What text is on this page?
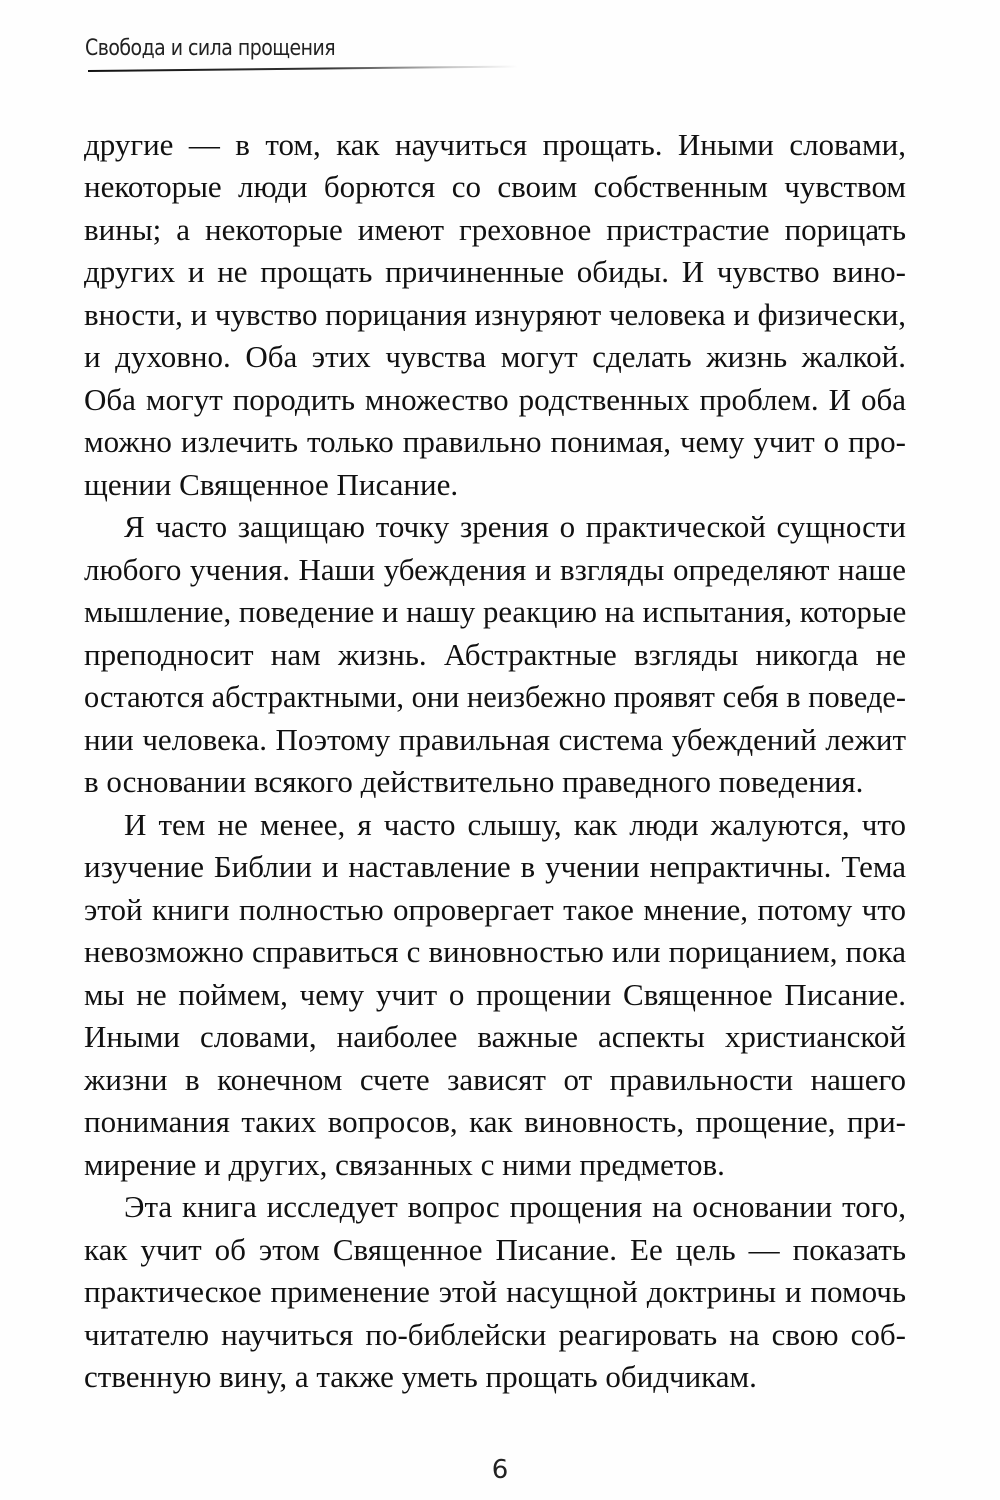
Свобода и сила прощения
другие — в том, как научиться прощать. Иными словами,
некоторые люди борются со своим собственным чувством
вины; а некоторые имеют греховное пристрастие порицать
других и не прощать причиненные обиды. И чувство вино-
вности, и чувство порицания изнуряют человека и физически,
и духовно. Оба этих чувства могут сделать жизнь жалкой.
Оба могут породить множество родственных проблем. И оба
можно излечить только правильно понимая, чему учит о про-
щении Священное Писание.
Я часто защищаю точку зрения о практической сущности
любого учения. Наши убеждения и взгляды определяют наше
мышление, поведение и нашу реакцию на испытания, которые
преподносит нам жизнь. Абстрактные взгляды никогда не
остаются абстрактными, они неизбежно проявят себя в поведе-
нии человека. Поэтому правильная система убеждений лежит
в основании всякого действительно праведного поведения.
И тем не менее, я часто слышу, как люди жалуются, что
изучение Библии и наставление в учении непрактичны. Тема
этой книги полностью опровергает такое мнение, потому что
невозможно справиться с виновностью или порицанием, пока
мы не поймем, чему учит о прощении Священное Писание.
Иными словами, наиболее важные аспекты христианской
жизни в конечном счете зависят от правильности нашего
понимания таких вопросов, как виновность, прощение, при-
мирение и других, связанных с ними предметов.
Эта книга исследует вопрос прощения на основании того,
как учит об этом Священное Писание. Ее цель — показать
практическое применение этой насущной доктрины и помочь
читателю научиться по-библейски реагировать на свою соб-
ственную вину, а также уметь прощать обидчикам.
6
